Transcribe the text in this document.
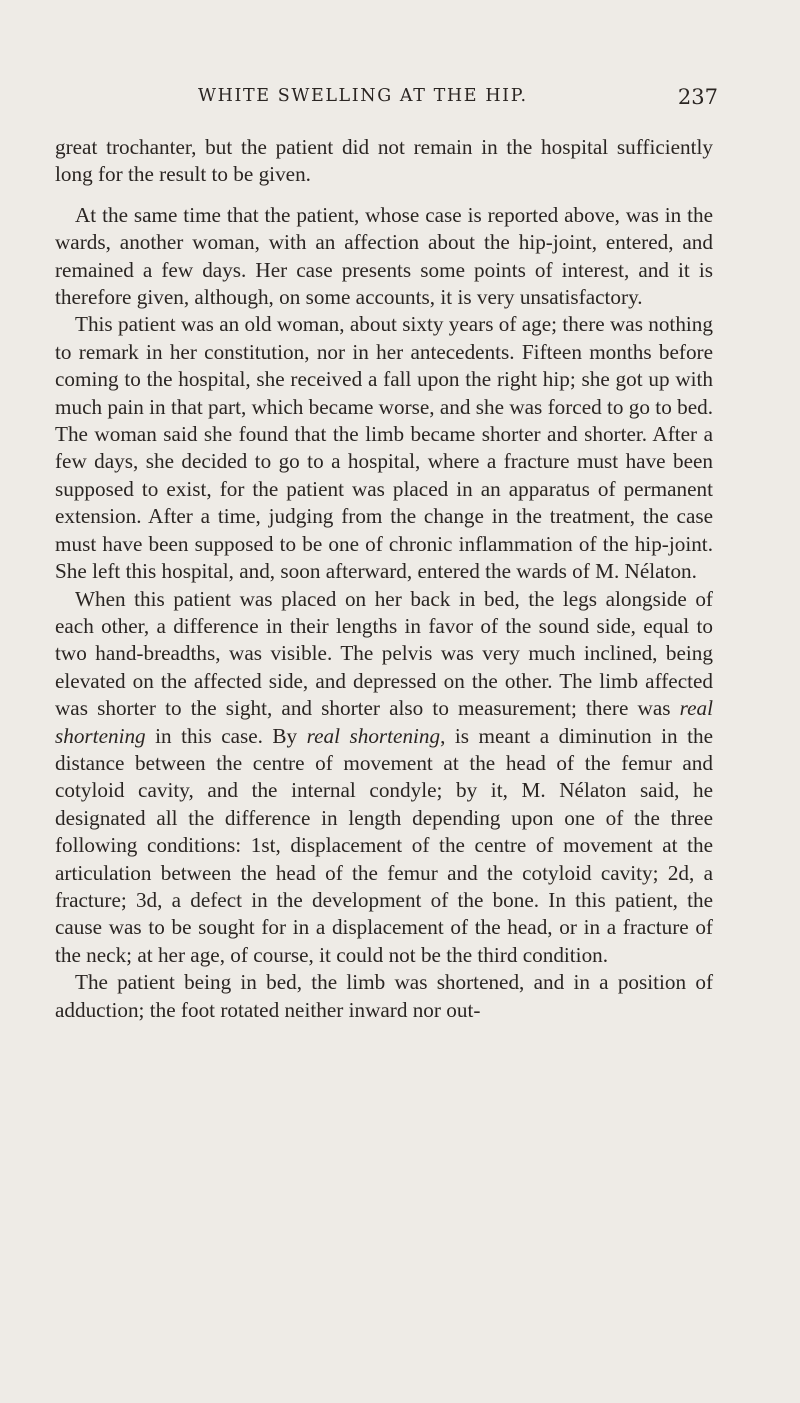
WHITE SWELLING AT THE HIP.	237

great trochanter, but the patient did not remain in the hospital sufficiently long for the result to be given.

At the same time that the patient, whose case is reported above, was in the wards, another woman, with an affection about the hip-joint, entered, and remained a few days. Her case presents some points of interest, and it is therefore given, although, on some accounts, it is very unsatisfactory.

This patient was an old woman, about sixty years of age; there was nothing to remark in her constitution, nor in her antecedents. Fifteen months before coming to the hospital, she received a fall upon the right hip; she got up with much pain in that part, which became worse, and she was forced to go to bed. The woman said she found that the limb became shorter and shorter. After a few days, she decided to go to a hospital, where a fracture must have been supposed to exist, for the patient was placed in an apparatus of permanent extension. After a time, judging from the change in the treatment, the case must have been supposed to be one of chronic inflammation of the hip-joint. She left this hospital, and, soon afterward, entered the wards of M. Nélaton.

When this patient was placed on her back in bed, the legs alongside of each other, a difference in their lengths in favor of the sound side, equal to two hand-breadths, was visible. The pelvis was very much inclined, being elevated on the affected side, and depressed on the other. The limb affected was shorter to the sight, and shorter also to measurement; there was real shortening in this case. By real shortening, is meant a diminution in the distance between the centre of movement at the head of the femur and cotyloid cavity, and the internal condyle; by it, M. Nélaton said, he designated all the difference in length depending upon one of the three following conditions: 1st, displacement of the centre of movement at the articulation between the head of the femur and the cotyloid cavity; 2d, a fracture; 3d, a defect in the development of the bone. In this patient, the cause was to be sought for in a displacement of the head, or in a fracture of the neck; at her age, of course, it could not be the third condition.

The patient being in bed, the limb was shortened, and in a position of adduction; the foot rotated neither inward nor out-
